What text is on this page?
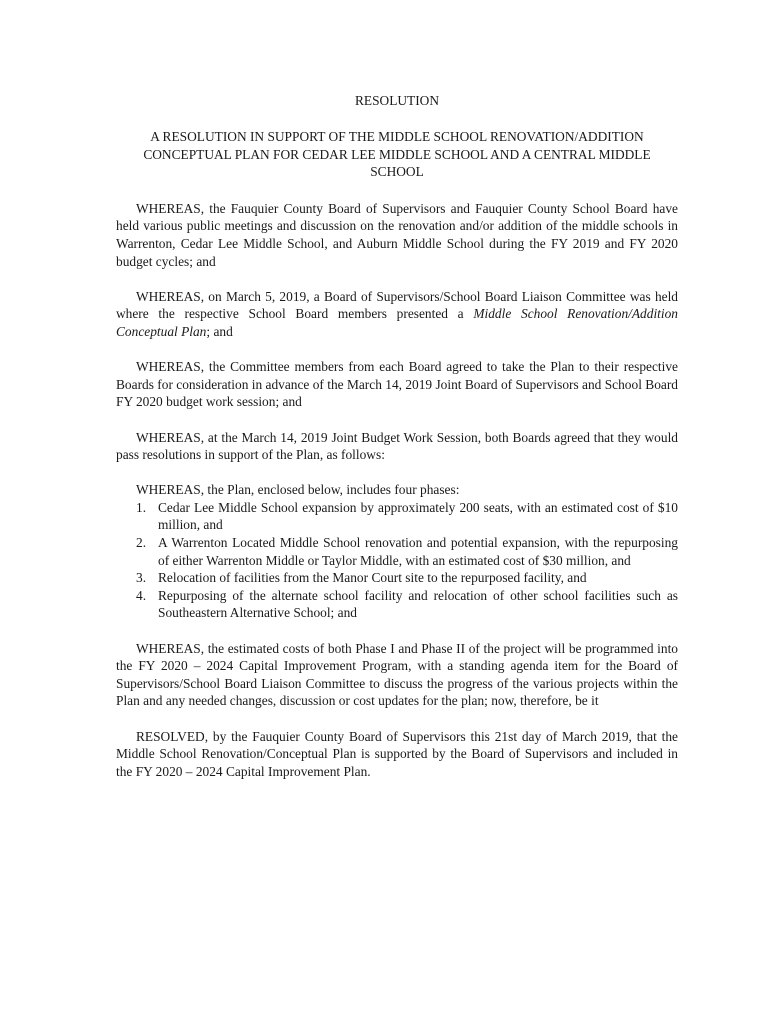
RESOLUTION
A RESOLUTION IN SUPPORT OF THE MIDDLE SCHOOL RENOVATION/ADDITION CONCEPTUAL PLAN FOR CEDAR LEE MIDDLE SCHOOL AND A CENTRAL MIDDLE SCHOOL

WHEREAS, the Fauquier County Board of Supervisors and Fauquier County School Board have held various public meetings and discussion on the renovation and/or addition of the middle schools in Warrenton, Cedar Lee Middle School, and Auburn Middle School during the FY 2019 and FY 2020 budget cycles; and

WHEREAS, on March 5, 2019, a Board of Supervisors/School Board Liaison Committee was held where the respective School Board members presented a Middle School Renovation/Addition Conceptual Plan; and

WHEREAS, the Committee members from each Board agreed to take the Plan to their respective Boards for consideration in advance of the March 14, 2019 Joint Board of Supervisors and School Board FY 2020 budget work session; and

WHEREAS, at the March 14, 2019 Joint Budget Work Session, both Boards agreed that they would pass resolutions in support of the Plan, as follows:

WHEREAS, the Plan, enclosed below, includes four phases:

1. Cedar Lee Middle School expansion by approximately 200 seats, with an estimated cost of $10 million, and
2. A Warrenton Located Middle School renovation and potential expansion, with the repurposing of either Warrenton Middle or Taylor Middle, with an estimated cost of $30 million, and
3. Relocation of facilities from the Manor Court site to the repurposed facility, and
4. Repurposing of the alternate school facility and relocation of other school facilities such as Southeastern Alternative School; and

WHEREAS, the estimated costs of both Phase I and Phase II of the project will be programmed into the FY 2020 – 2024 Capital Improvement Program, with a standing agenda item for the Board of Supervisors/School Board Liaison Committee to discuss the progress of the various projects within the Plan and any needed changes, discussion or cost updates for the plan; now, therefore, be it

RESOLVED, by the Fauquier County Board of Supervisors this 21st day of March 2019, that the Middle School Renovation/Conceptual Plan is supported by the Board of Supervisors and included in the FY 2020 – 2024 Capital Improvement Plan.
